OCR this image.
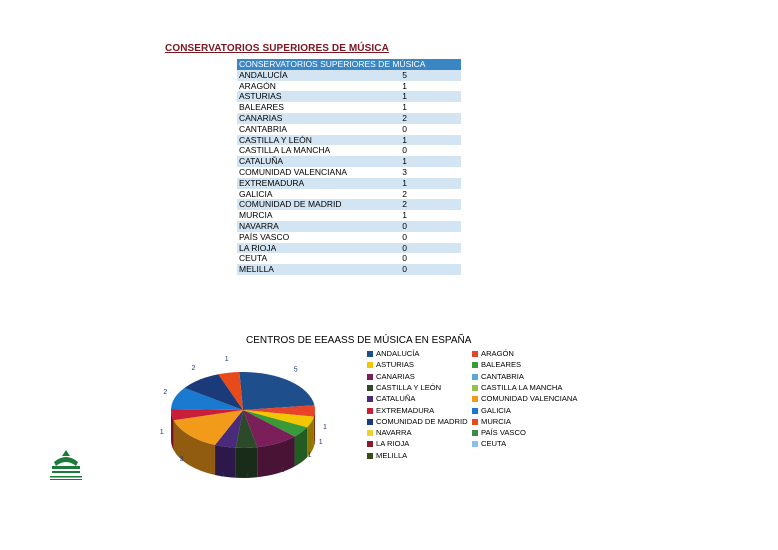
CONSERVATORIOS SUPERIORES DE MÚSICA
CONSERVATORIOS SUPERIORES DE MÚSICA	
ANDALUCÍA	5
ARAGÓN	1
ASTURIAS	1
BALEARES	1
CANARIAS	2
CANTABRIA	0
CASTILLA Y LEÓN	1
CASTILLA LA MANCHA	0
CATALUÑA	1
COMUNIDAD VALENCIANA	3
EXTREMADURA	1
GALICIA	2
COMUNIDAD DE MADRID	2
MURCIA	1
NAVARRA	0
PAÍS VASCO	0
LA RIOJA	0
CEUTA	0
MELILLA	0
CENTROS DE EEAASS DE MÚSICA EN ESPAÑA
5
1
1
1
2
1
1
3
1
2
2
1
ANDALUCÍA	ARAGÓN
ASTURIAS	BALEARES
CANARIAS	CANTABRIA
CASTILLA Y LEÓN	CASTILLA LA MANCHA
CATALUÑA	COMUNIDAD VALENCIANA
EXTREMADURA	GALICIA
COMUNIDAD DE MADRID	MURCIA
NAVARRA	PAÍS VASCO
LA RIOJA	CEUTA
MELILLA
